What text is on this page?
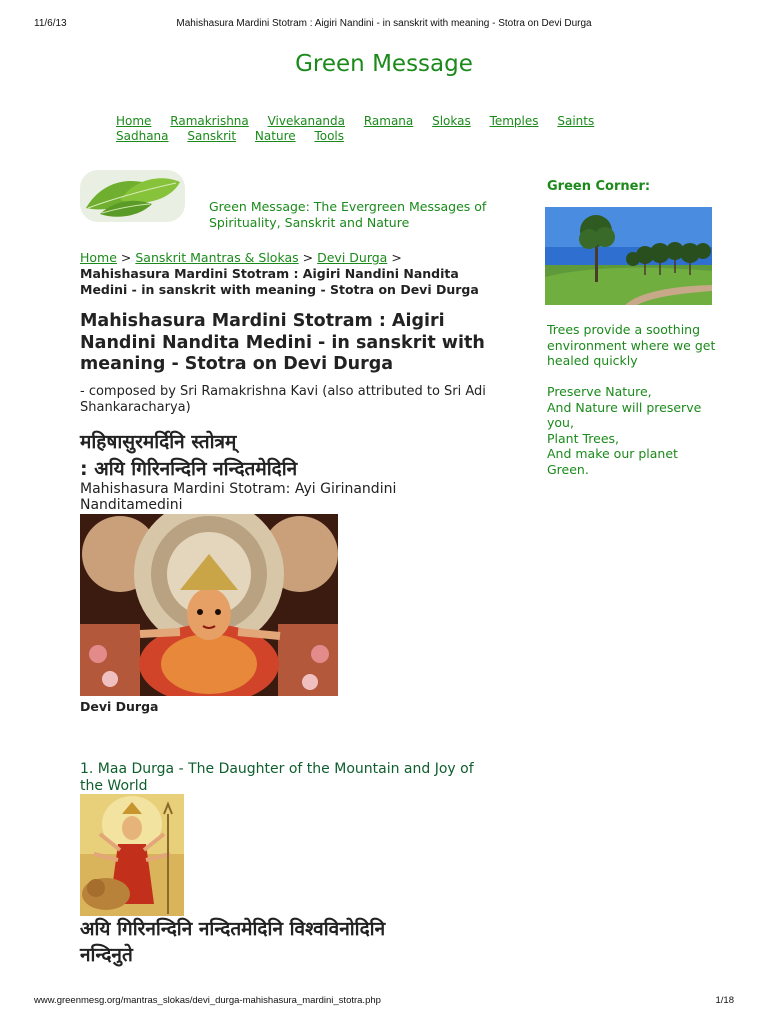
11/6/13	Mahishasura Mardini Stotram : Aigiri Nandini - in sanskrit with meaning - Stotra on Devi Durga
Green Message
Home Ramakrishna Vivekananda Ramana Slokas Temples Saints Sadhana Sanskrit Nature Tools
Green Message: The Evergreen Messages of Spirituality, Sanskrit and Nature
Home > Sanskrit Mantras & Slokas > Devi Durga >
Mahishasura Mardini Stotram : Aigiri Nandini Nandita Medini - in sanskrit with meaning - Stotra on Devi Durga
Mahishasura Mardini Stotram : Aigiri Nandini Nandita Medini - in sanskrit with meaning - Stotra on Devi Durga
- composed by Sri Ramakrishna Kavi (also attributed to Sri Adi Shankaracharya)
महिषासुरमर्दिनि स्तोत्रम्
: अयि गिरिनन्दिनि नन्दितमेदिनि
Mahishasura Mardini Stotram: Ayi Girinandini Nanditamedini
Devi Durga
1. Maa Durga - The Daughter of the Mountain and Joy of the World
अयि गिरिनन्दिनि नन्दितमेदिनि विश्वविनोदिनि
नन्दिनुते
Green Corner:

Trees provide a soothing environment where we get healed quickly

Preserve Nature,

And Nature will preserve you,

Plant Trees,

And make our planet Green.

www.greenmesg.org/mantras_slokas/devi_durga-mahishasura_mardini_stotra.php	1/18
